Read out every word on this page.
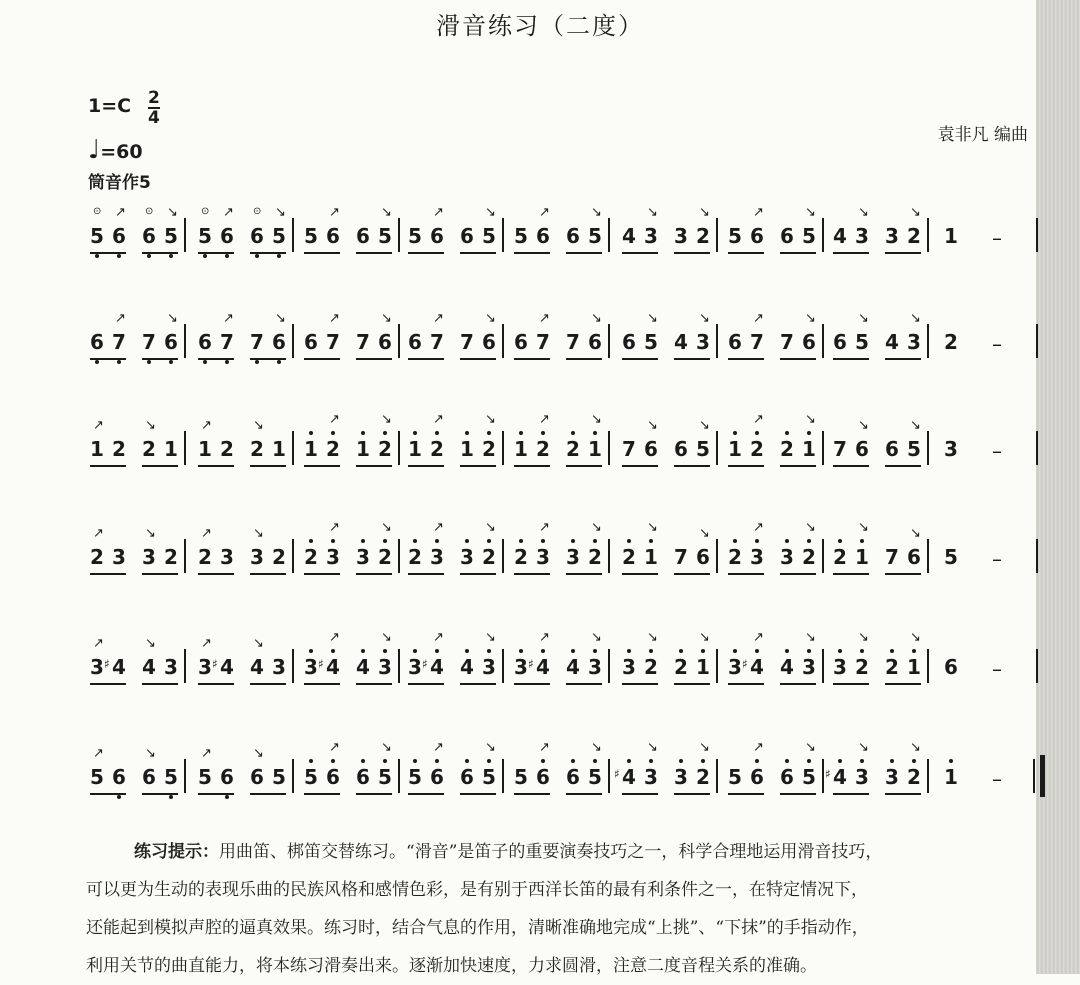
滑音练习（二度）
1=C 2
4
♩=60
筒音作5
袁非凡 编曲
5
⊙
6
↗
6
⊙
5
↘
5
⊙
6
↗
6
⊙
5
↘
5 6
↗
6 5
↘
5 6
↗
6 5
↘
5 6
↗
6 5
↘
4 3
↘
3 2
↘
5 6
↗
6 5
↘
4 3
↘
3 2
↘
1 –
6 7
↗
7 6
↘
6 7
↗
7 6
↘
6 7
↗
7 6
↘
6 7
↗
7 6
↘
6 7
↗
7 6
↘
6 5
↘
4 3
↘
6 7
↗
7 6
↘
6 5
↘
4 3
↘
2 –
1
↗
2 2
↘
1 1
↗
2 2
↘
1 1 2
↗
1 2
↘
1 2
↗
1 2
↘
1 2
↗
2 1
↘
7 6
↘
6 5
↘
1 2
↗
2 1
↘
7 6
↘
6 5
↘
3 –
2
↗
3 3
↘
2 2
↗
3 3
↘
2 2 3
↗
3 2
↘
2 3
↗
3 2
↘
2 3
↗
3 2
↘
2 1
↘
7 6
↘
2 3
↗
3 2
↘
2 1
↘
7 6
↘
5 –
3
↗
4
♯ 4
↘
3 3
↗
4
♯ 4
↘
3 3 4
♯
↗
4 3
↘
3 4
♯
↗
4 3
↘
3 4
♯
↗
4 3
↘
3 2
↘
2 1
↘
3 4
♯
↗
4 3
↘
3 2
↘
2 1
↘
6 –
5
↗
6 6
↘
5 5
↗
6 6
↘
5 5 6
↗
6 5
↘
5 6
↗
6 5
↘
5 6
↗
6 5
↘
4
♯ 3
↘
3 2
↘
5 6
↗
6 5
↘
4
♯ 3
↘
3 2
↘
1 –

练习提示：用曲笛、梆笛交替练习。“滑音”是笛子的重要演奏技巧之一，科学合理地运用滑音技巧，

可以更为生动的表现乐曲的民族风格和感情色彩，是有别于西洋长笛的最有利条件之一，在特定情况下，

还能起到模拟声腔的逼真效果。练习时，结合气息的作用，清晰准确地完成“上挑”、“下抹”的手指动作，

利用关节的曲直能力，将本练习滑奏出来。逐渐加快速度，力求圆滑，注意二度音程关系的准确。
